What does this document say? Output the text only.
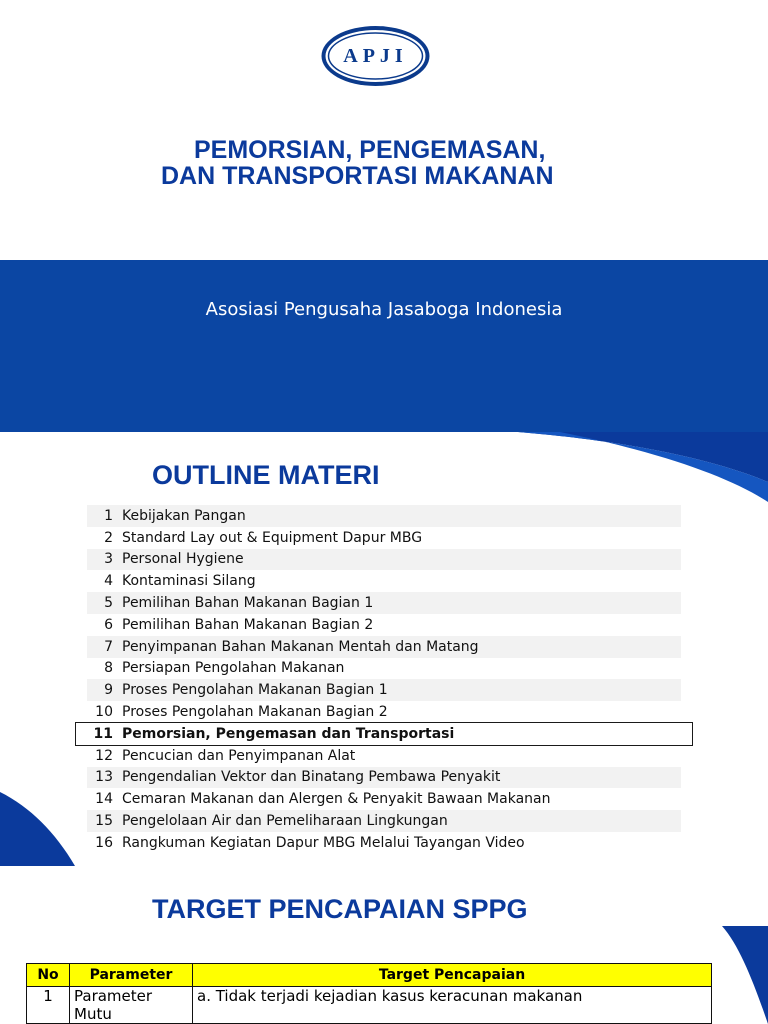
APJI
PEMORSIAN, PENGEMASAN,
DAN TRANSPORTASI MAKANAN
Asosiasi Pengusaha Jasaboga Indonesia
OUTLINE MATERI
1 Kebijakan Pangan
2 Standard Lay out & Equipment Dapur MBG
3 Personal Hygiene
4 Kontaminasi Silang
5 Pemilihan Bahan Makanan Bagian 1
6 Pemilihan Bahan Makanan Bagian 2
7 Penyimpanan Bahan Makanan Mentah dan Matang
8 Persiapan Pengolahan Makanan
9 Proses Pengolahan Makanan Bagian 1
10 Proses Pengolahan Makanan Bagian 2
11 Pemorsian, Pengemasan dan Transportasi
12 Pencucian dan Penyimpanan Alat
13 Pengendalian Vektor dan Binatang Pembawa Penyakit
14 Cemaran Makanan dan Alergen & Penyakit Bawaan Makanan
15 Pengelolaan Air dan Pemeliharaan Lingkungan
16 Rangkuman Kegiatan Dapur MBG Melalui Tayangan Video
TARGET PENCAPAIAN SPPG
No	Parameter	Target Pencapaian
1	Parameter Mutu	a. Tidak terjadi kejadian kasus keracunan makanan
